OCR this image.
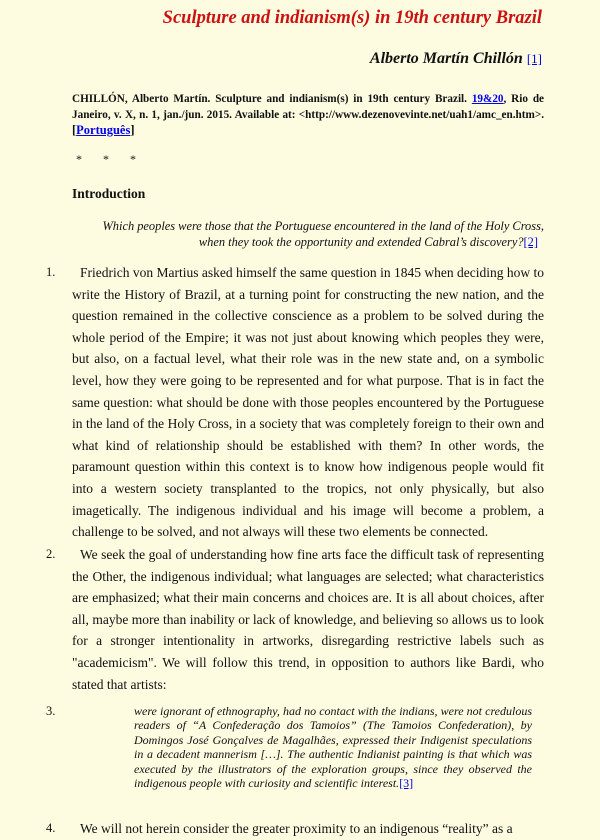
Sculpture and indianism(s) in 19th century Brazil
Alberto Martín Chillón [1]
CHILLÓN, Alberto Martín. Sculpture and indianism(s) in 19th century Brazil. 19&20, Rio de Janeiro, v. X, n. 1, jan./jun. 2015. Available at: <http://www.dezenovevinte.net/uah1/amc_en.htm>. [Português]
* * *
Introduction
Which peoples were those that the Portuguese encountered in the land of the Holy Cross,
when they took the opportunity and extended Cabral’s discovery?[2]
1.	Friedrich von Martius asked himself the same question in 1845 when deciding how to write the History of Brazil, at a turning point for constructing the new nation, and the question remained in the collective conscience as a problem to be solved during the whole period of the Empire; it was not just about knowing which peoples they were, but also, on a factual level, what their role was in the new state and, on a symbolic level, how they were going to be represented and for what purpose. That is in fact the same question: what should be done with those peoples encountered by the Portuguese in the land of the Holy Cross, in a society that was completely foreign to their own and what kind of relationship should be established with them? In other words, the paramount question within this context is to know how indigenous people would fit into a western society transplanted to the tropics, not only physically, but also imagetically. The indigenous individual and his image will become a problem, a challenge to be solved, and not always will these two elements be connected.
2.	We seek the goal of understanding how fine arts face the difficult task of representing the Other, the indigenous individual; what languages are selected; what characteristics are emphasized; what their main concerns and choices are. It is all about choices, after all, maybe more than inability or lack of knowledge, and believing so allows us to look for a stronger intentionality in artworks, disregarding restrictive labels such as "academicism". We will follow this trend, in opposition to authors like Bardi, who stated that artists:
3.	were ignorant of ethnography, had no contact with the indians, were not credulous readers of “A Confederação dos Tamoios” (The Tamoios Confederation), by Domingos José Gonçalves de Magalhães, expressed their Indigenist speculations in a decadent mannerism […]. The authentic Indianist painting is that which was executed by the illustrators of the exploration groups, since they observed the indigenous people with curiosity and scientific interest.[3]
4.	We will not herein consider the greater proximity to an indigenous “reality” as a
